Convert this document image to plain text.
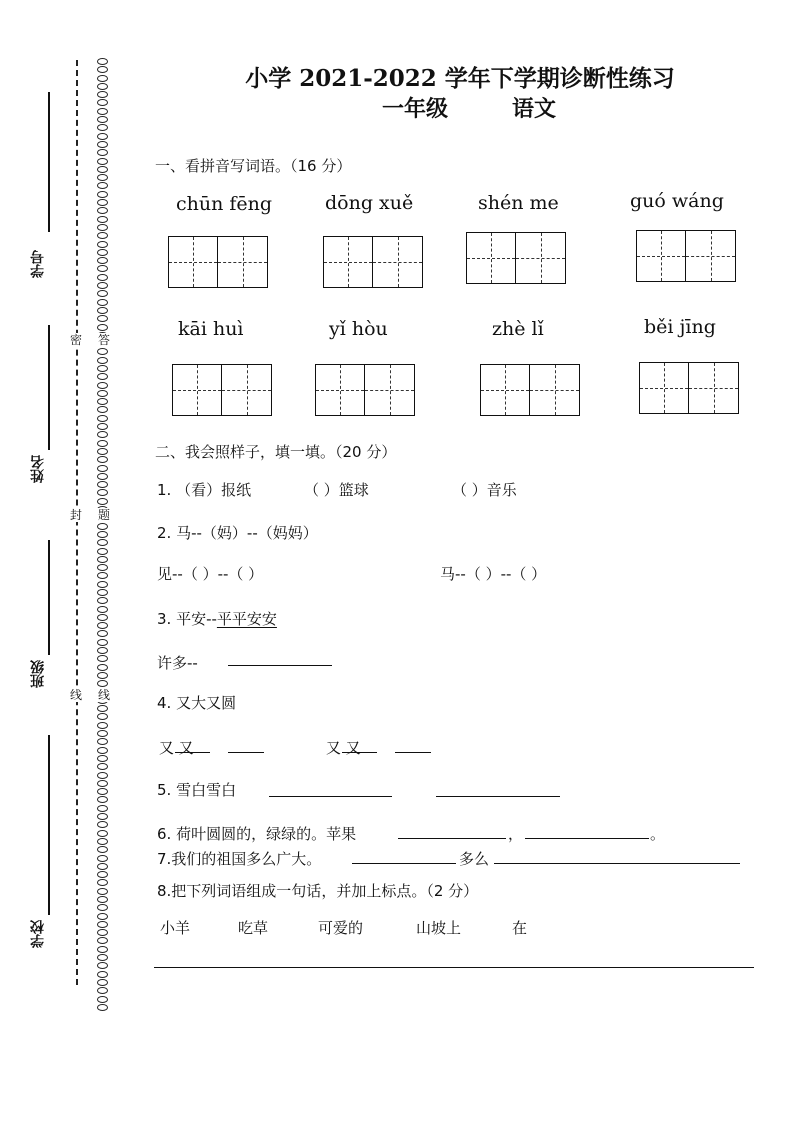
学号
姓名
班级
学校
密
封
线
答
题
线
小学 2021-2022 学年下学期诊断性练习
一年级	语文
一、看拼音写词语。（16 分）
chūn fēng	dōng xuě	shén me	guó wáng
kāi huì	yǐ hòu	zhè lǐ	běi jīng
二、我会照样子，填一填。（20 分）
1. （看）报纸	（ ）篮球	（ ）音乐
2. 马--（妈）--（妈妈）
见--（ ）--（ ）	马--（ ）--（ ）
3. 平安--平平安安
许多--
4. 又大又圆
又 又	又 又
5. 雪白雪白
6. 荷叶圆圆的，绿绿的。苹果	，	。
7.我们的祖国多么广大。	多么
8.把下列词语组成一句话，并加上标点。（2 分）
小羊	吃草	可爱的	山坡上	在
